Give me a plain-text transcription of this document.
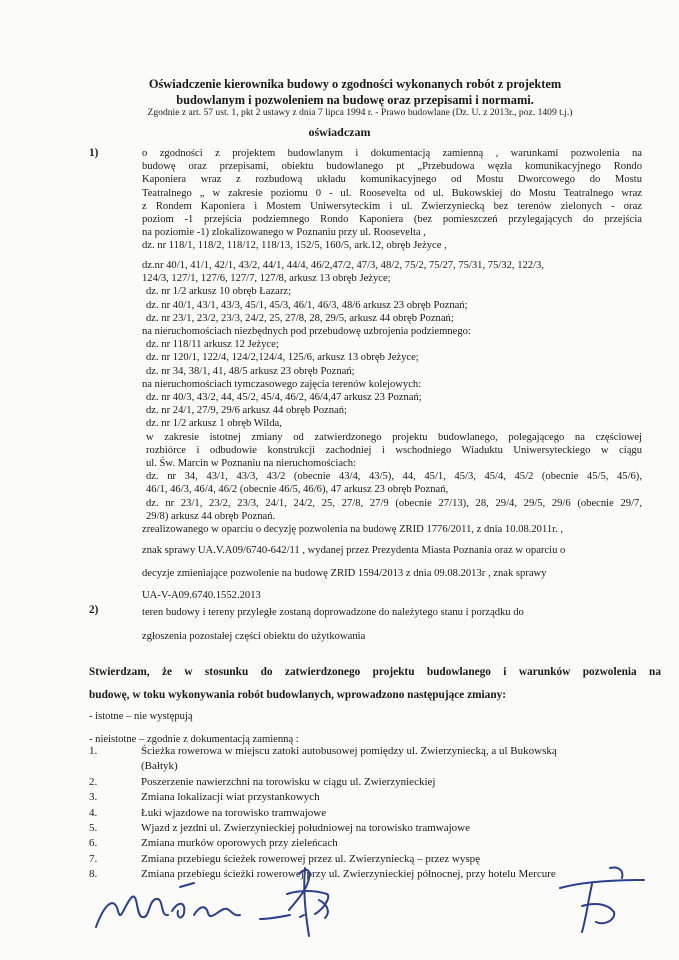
Oświadczenie kierownika budowy o zgodności wykonanych robót z projektem
budowlanym i pozwoleniem na budowę oraz przepisami i normami.
Zgodnie z art. 57 ust. 1, pkt 2 ustawy z dnia 7 lipca 1994 r. - Prawo budowlane (Dz. U. z 2013r., poz. 1409 t.j.)
oświadczam
1)	o zgodności z projektem budowlanym i dokumentacją zamienną , warunkami pozwolenia na
budowę oraz przepisami, obiektu budowlanego pt „Przebudowa węzła komunikacyjnego Rondo
Kaponiera wraz z rozbudową układu komunikacyjnego od Mostu Dworcowego do Mostu
Teatralnego „ w zakresie poziomu 0 - ul. Roosevelta od ul. Bukowskiej do Mostu Teatralnego wraz
z Rondem Kaponiera i Mostem Uniwersyteckim i ul. Zwierzyniecką bez terenów zielonych - oraz
poziom -1 przejścia podziemnego Rondo Kaponiera (bez pomieszczeń przylegających do przejścia
na poziomie -1) zlokalizowanego w Poznaniu przy ul. Roosevelta ,
dz. nr 118/1, 118/2, 118/12, 118/13, 152/5, 160/5, ark.12, obręb Jeżyce ,
dz.nr 40/1, 41/1, 42/1, 43/2, 44/1, 44/4, 46/2,47/2, 47/3, 48/2, 75/2, 75/27, 75/31, 75/32, 122/3,
124/3, 127/1, 127/6, 127/7, 127/8, arkusz 13 obręb Jeżyce;
dz. nr 1/2 arkusz 10 obręb Łazarz;
dz. nr 40/1, 43/1, 43/3, 45/1, 45/3, 46/1, 46/3, 48/6 arkusz 23 obręb Poznań;
dz. nr 23/1, 23/2, 23/3, 24/2, 25, 27/8, 28, 29/5, arkusz 44 obręb Poznań;
na nieruchomościach niezbędnych pod przebudowę uzbrojenia podziemnego:
dz. nr 118/11 arkusz 12 Jeżyce;
dz. nr 120/1, 122/4, 124/2,124/4, 125/6, arkusz 13 obręb Jeżyce;
dz. nr 34, 38/1, 41, 48/5 arkusz 23 obręb Poznań;
na nieruchomościach tymczasowego zajęcia terenów kolejowych:
dz. nr 40/3, 43/2, 44, 45/2, 45/4, 46/2, 46/4,47 arkusz 23 Poznań;
dz. nr 24/1, 27/9, 29/6 arkusz 44 obręb Poznań;
dz. nr 1/2 arkusz 1 obręb Wilda,
w zakresie istotnej zmiany od zatwierdzonego projektu budowlanego, polegającego na częściowej
rozbiórce i odbudowie konstrukcji zachodniej i wschodniego Wiaduktu Uniwersyteckiego w ciągu
ul. Św. Marcin w Poznaniu na nieruchomościach:
dz. nr 34, 43/1, 43/3, 43/2 (obecnie 43/4, 43/5), 44, 45/1, 45/3, 45/4, 45/2 (obecnie 45/5, 45/6),
46/1, 46/3, 46/4, 46/2 (obecnie 46/5, 46/6), 47 arkusz 23 obręb Poznań,
dz. nr 23/1, 23/2, 23/3, 24/1, 24/2, 25, 27/8, 27/9 (obecnie 27/13), 28, 29/4, 29/5, 29/6 (obecnie 29/7,
29/8) arkusz 44 obręb Poznań.
zrealizowanego w oparciu o decyzję pozwolenia na budowę ZRID 1776/2011, z dnia 10.08.2011r. ,
znak sprawy UA.V.A09/6740-642/11 , wydanej przez Prezydenta Miasta Poznania oraz w oparciu o
decyzje zmieniające pozwolenie na budowę ZRID 1594/2013 z dnia 09.08.2013r , znak sprawy
UA-V-A09.6740.1552.2013
2)	teren budowy i tereny przyległe zostaną doprowadzone do należytego stanu i porządku do
zgłoszenia pozostałej części obiektu do użytkowania
Stwierdzam, że w stosunku do zatwierdzonego projektu budowlanego i warunków pozwolenia na
budowę, w toku wykonywania robót budowlanych, wprowadzono następujące zmiany:
- istotne – nie występują
- nieistotne – zgodnie z dokumentacją zamienną :
1.	Ścieżka rowerowa w miejscu zatoki autobusowej pomiędzy ul. Zwierzyniecką, a ul Bukowską
(Bałtyk)
2.	Poszerzenie nawierzchni na torowisku w ciągu ul. Zwierzynieckiej
3.	Zmiana lokalizacji wiat przystankowych
4.	Łuki wjazdowe na torowisko tramwajowe
5.	Wjazd z jezdni ul. Zwierzynieckiej południowej na torowisko tramwajowe
6.	Zmiana murków oporowych przy zieleńcach
7.	Zmiana przebiegu ścieżek rowerowej przez ul. Zwierzyniecką – przez wyspę
8.	Zmiana przebiegu ścieżki rowerowej przy ul. Zwierzynieckiej północnej, przy hotelu Mercure
